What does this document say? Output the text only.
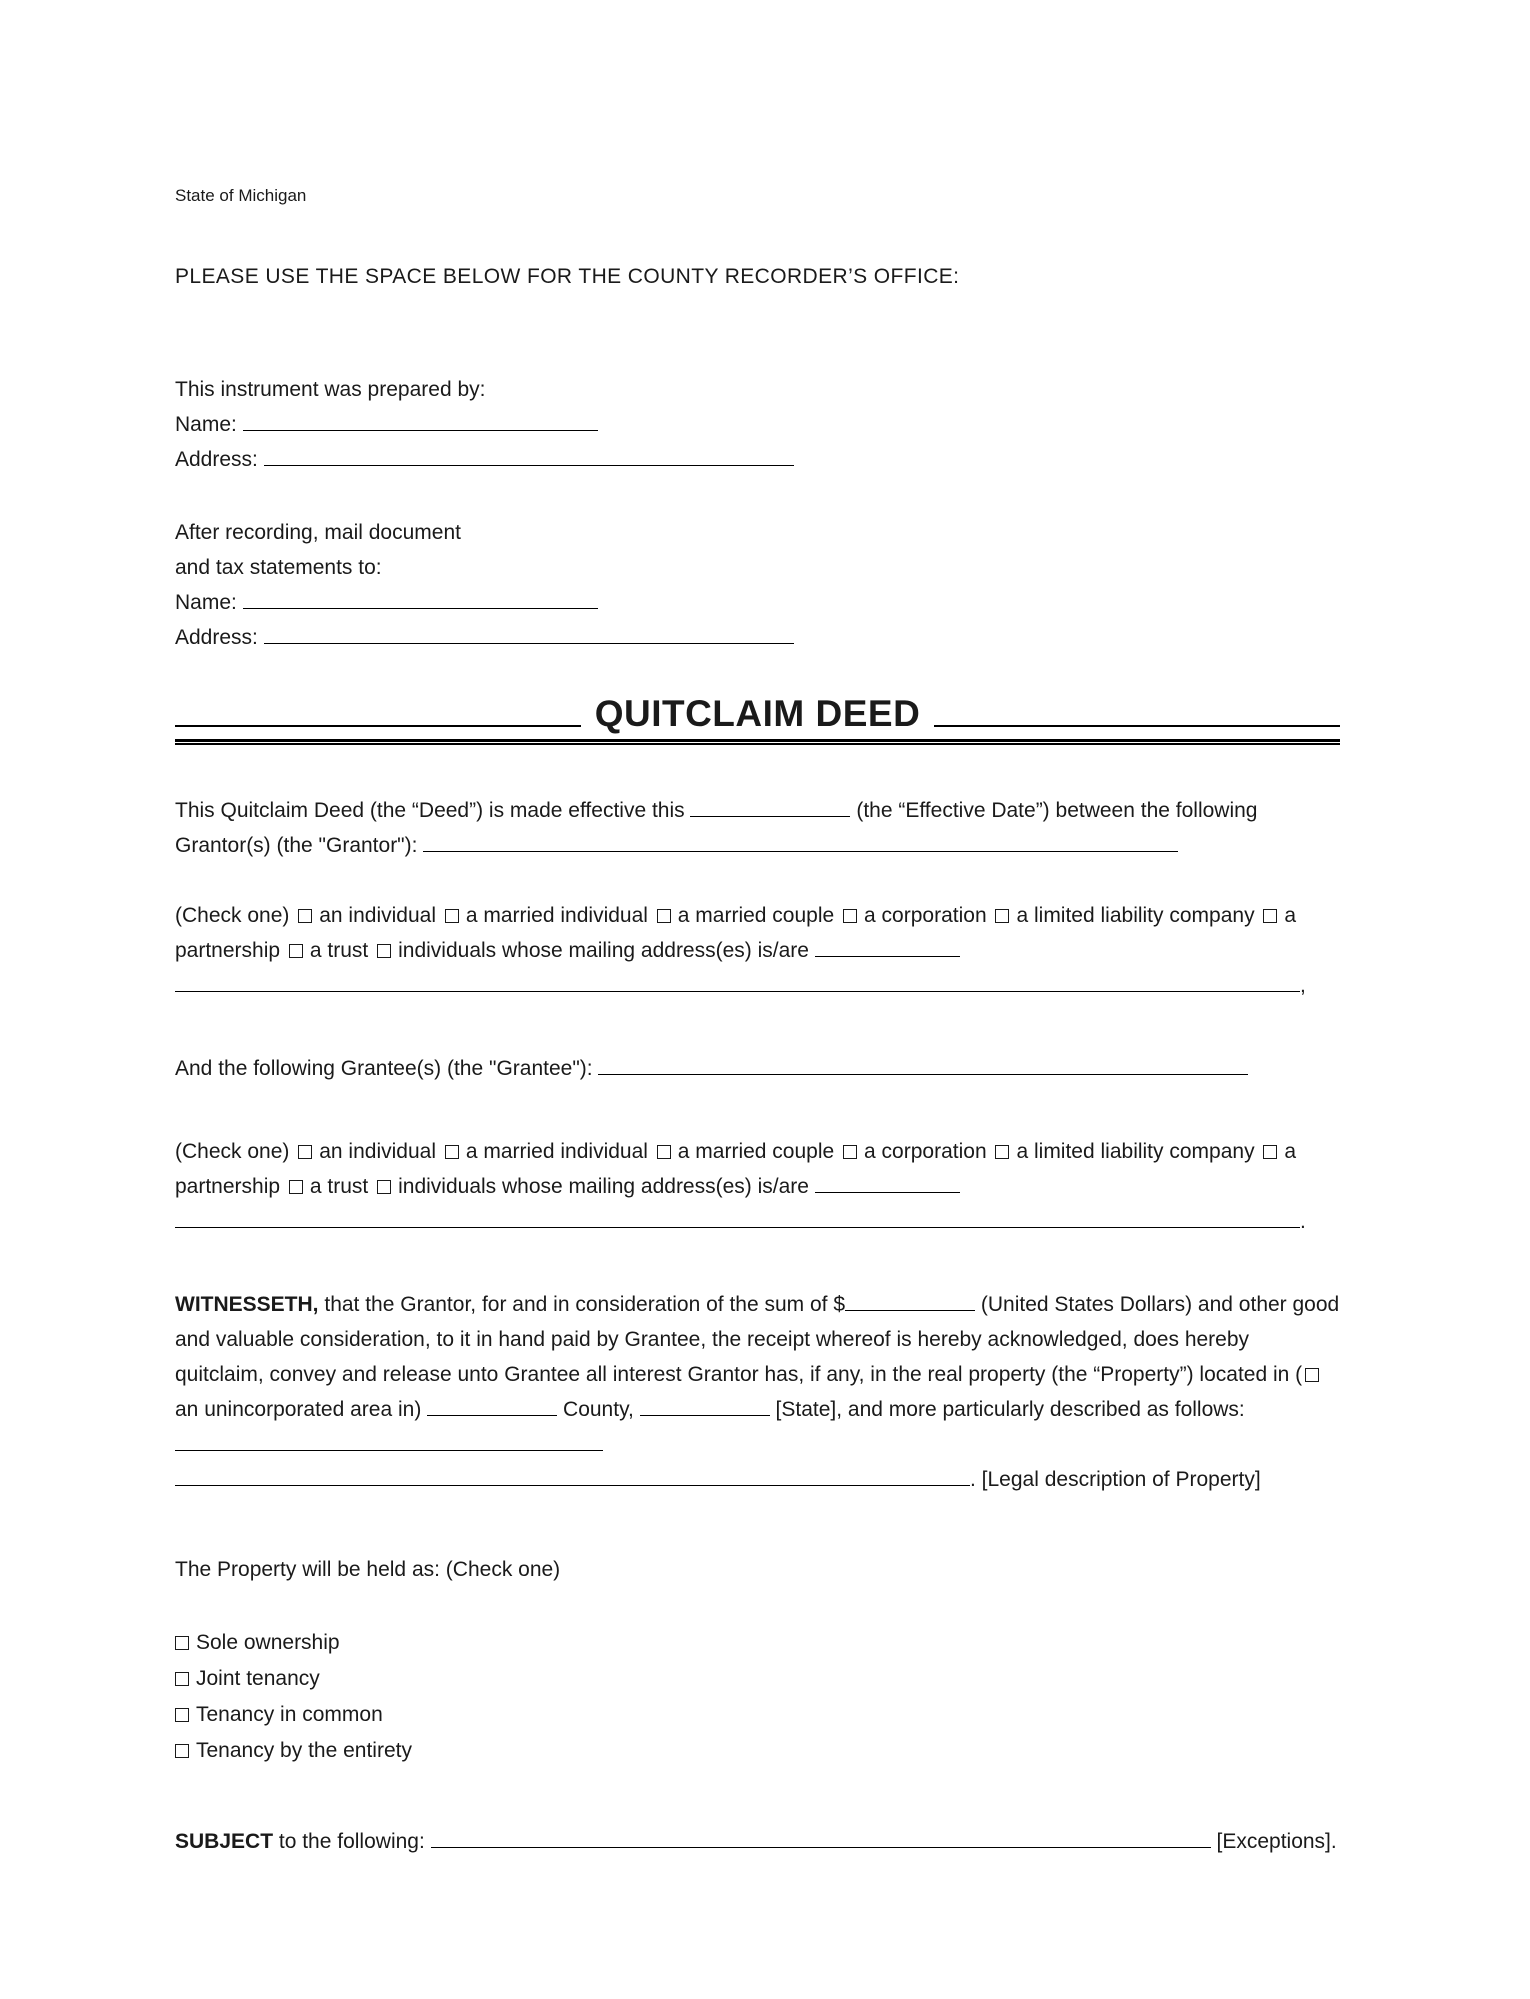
State of Michigan
PLEASE USE THE SPACE BELOW FOR THE COUNTY RECORDER’S OFFICE:
This instrument was prepared by:
Name:
Address:
After recording, mail document
and tax statements to:
Name:
Address:
QUITCLAIM DEED

This Quitclaim Deed (the “Deed”) is made effective this	(the “Effective Date”) between the following Grantor(s) (the "Grantor"):

(Check one) an individual a married individual a married couple a corporation a limited liability company a partnership a trust individuals whose mailing address(es) is/are  ,

And the following Grantee(s) (the "Grantee"):

(Check one) an individual a married individual a married couple a corporation a limited liability company a partnership a trust individuals whose mailing address(es) is/are  .

WITNESSETH, that the Grantor, for and in consideration of the sum of $	(United States Dollars) and other good and valuable consideration, to it in hand paid by Grantee, the receipt whereof is hereby acknowledged, does hereby quitclaim, convey and release unto Grantee all interest Grantor has, if any, in the real property (the “Property”) located in (an unincorporated area in)	County,	[State], and more particularly described as follows:  . [Legal description of Property]

The Property will be held as: (Check one)

Sole ownership
Joint tenancy
Tenancy in common
Tenancy by the entirety

SUBJECT to the following:	[Exceptions].
